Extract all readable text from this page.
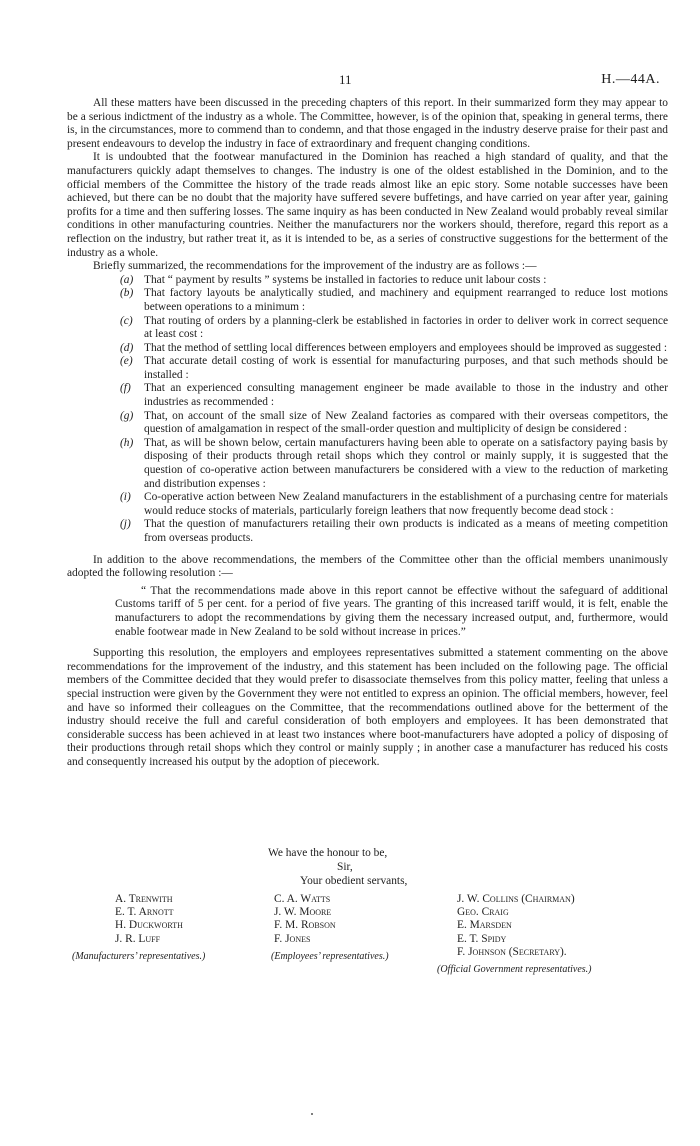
11	H.—44A.

All these matters have been discussed in the preceding chapters of this report. In their summarized form they may appear to be a serious indictment of the industry as a whole. The Committee, however, is of the opinion that, speaking in general terms, there is, in the circumstances, more to commend than to condemn, and that those engaged in the industry deserve praise for their past and present endeavours to develop the industry in face of extraordinary and frequent changing conditions.

It is undoubted that the footwear manufactured in the Dominion has reached a high standard of quality, and that the manufacturers quickly adapt themselves to changes. The industry is one of the oldest established in the Dominion, and to the official members of the Committee the history of the trade reads almost like an epic story. Some notable successes have been achieved, but there can be no doubt that the majority have suffered severe buffetings, and have carried on year after year, gaining profits for a time and then suffering losses. The same inquiry as has been conducted in New Zealand would probably reveal similar conditions in other manufacturing countries. Neither the manufacturers nor the workers should, therefore, regard this report as a reflection on the industry, but rather treat it, as it is intended to be, as a series of constructive suggestions for the betterment of the industry as a whole.

Briefly summarized, the recommendations for the improvement of the industry are as follows :—

(a) That “ payment by results ” systems be installed in factories to reduce unit labour costs :
(b) That factory layouts be analytically studied, and machinery and equipment rearranged to reduce lost motions between operations to a minimum :
(c) That routing of orders by a planning-clerk be established in factories in order to deliver work in correct sequence at least cost :
(d) That the method of settling local differences between employers and employees should be improved as suggested :
(e) That accurate detail costing of work is essential for manufacturing purposes, and that such methods should be installed :
(f) That an experienced consulting management engineer be made available to those in the industry and other industries as recommended :
(g) That, on account of the small size of New Zealand factories as compared with their overseas competitors, the question of amalgamation in respect of the small-order question and multiplicity of design be considered :
(h) That, as will be shown below, certain manufacturers having been able to operate on a satisfactory paying basis by disposing of their products through retail shops which they control or mainly supply, it is suggested that the question of co-operative action between manufacturers be considered with a view to the reduction of marketing and distribution expenses :
(i) Co-operative action between New Zealand manufacturers in the establishment of a purchasing centre for materials would reduce stocks of materials, particularly foreign leathers that now frequently become dead stock :
(j) That the question of manufacturers retailing their own products is indicated as a means of meeting competition from overseas products.

In addition to the above recommendations, the members of the Committee other than the official members unanimously adopted the following resolution :—

“ That the recommendations made above in this report cannot be effective without the safeguard of additional Customs tariff of 5 per cent. for a period of five years. The granting of this increased tariff would, it is felt, enable the manufacturers to adopt the recommendations by giving them the necessary increased output, and, furthermore, would enable footwear made in New Zealand to be sold without increase in prices.”

Supporting this resolution, the employers and employees representatives submitted a statement commenting on the above recommendations for the improvement of the industry, and this statement has been included on the following page. The official members of the Committee decided that they would prefer to disassociate themselves from this policy matter, feeling that unless a special instruction were given by the Government they were not entitled to express an opinion. The official members, however, feel and have so informed their colleagues on the Committee, that the recommendations outlined above for the betterment of the industry should receive the full and careful consideration of both employers and employees. It has been demonstrated that considerable success has been achieved in at least two instances where boot-manufacturers have adopted a policy of disposing of their productions through retail shops which they control or mainly supply ; in another case a manufacturer has reduced his costs and consequently increased his output by the adoption of piecework.

We have the honour to be,
Sir,
Your obedient servants,
A. Trenwith
E. T. Arnott
H. Duckworth
J. R. Luff
(Manufacturers’ representatives.)
C. A. Watts
J. W. Moore
F. M. Robson
F. Jones
(Employees’ representatives.)
J. W. Collins (Chairman)
Geo. Craig
E. Marsden
E. T. Spidy
F. Johnson (Secretary).
(Official Government representatives.)
